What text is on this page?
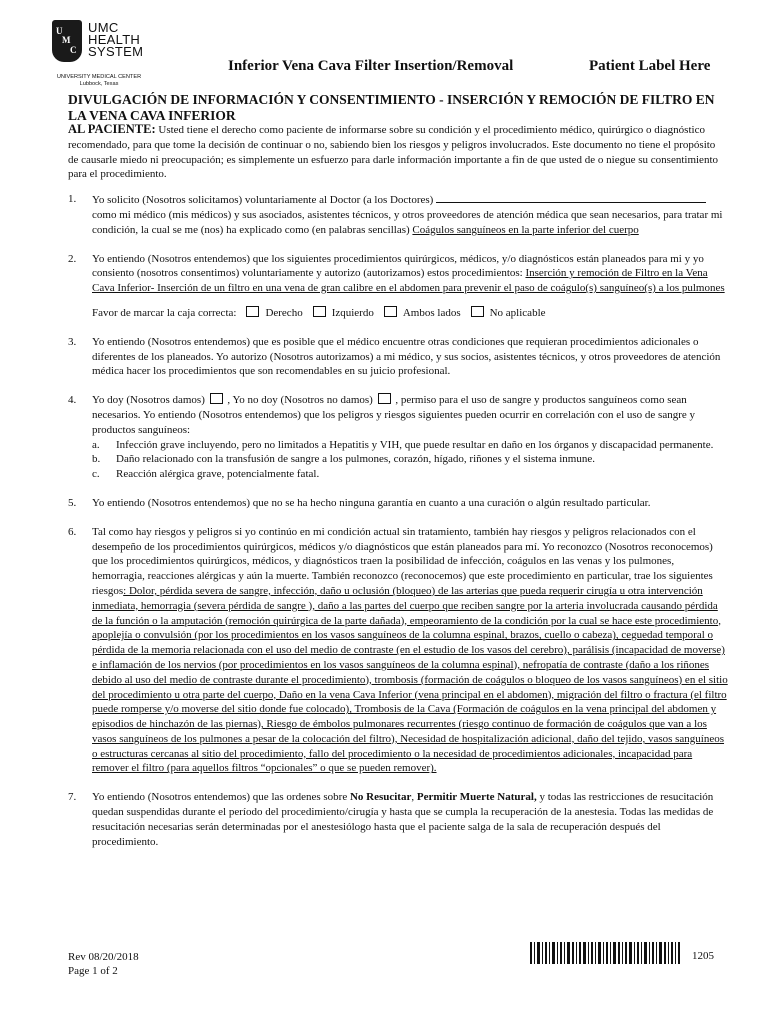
U
M
C
UMC
HEALTH
SYSTEM
UNIVERSITY MEDICAL CENTER
Lubbock, Texas
Inferior Vena Cava Filter Insertion/Removal	Patient Label Here
DIVULGACIÓN DE INFORMACIÓN Y CONSENTIMIENTO - INSERCIÓN Y REMOCIÓN DE FILTRO EN LA VENA CAVA INFERIOR

AL PACIENTE: Usted tiene el derecho como paciente de informarse sobre su condición y el procedimiento médico, quirúrgico o diagnóstico recomendado, para que tome la decisión de continuar o no, sabiendo bien los riesgos y peligros involucrados. Este documento no tiene el propósito de causarle miedo ni preocupación; es simplemente un esfuerzo para darle información importante a fin de que usted de o niegue su consentimiento para el procedimiento.

1. Yo solicito (Nosotros solicitamos) voluntariamente al Doctor (a los Doctores)  como mi médico (mis médicos) y sus asociados, asistentes técnicos, y otros proveedores de atención médica que sean necesarios, para tratar mi condición, la cual se me (nos) ha explicado como (en palabras sencillas) Coágulos sanguíneos en la parte inferior del cuerpo
2. Yo entiendo (Nosotros entendemos) que los siguientes procedimientos quirúrgicos, médicos, y/o diagnósticos están planeados para mi y yo consiento (nosotros consentimos) voluntariamente y autorizo (autorizamos) estos procedimientos: Inserción y remoción de Filtro en la Vena Cava Inferior- Inserción de un filtro en una vena de gran calibre en el abdomen para prevenir el paso de coágulo(s) sanguíneo(s) a los pulmones
Favor de marcar la caja correcta:	Derecho	Izquierdo	Ambos lados	No aplicable
3. Yo entiendo (Nosotros entendemos) que es posible que el médico encuentre otras condiciones que requieran procedimientos adicionales o diferentes de los planeados. Yo autorizo (Nosotros autorizamos) a mi médico, y sus socios, asistentes técnicos, y otros proveedores de atención médica hacer los procedimientos que son recomendables en su juicio profesional.
4. Yo doy (Nosotros damos)  , Yo no doy (Nosotros no damos)  , permiso para el uso de sangre y productos sanguíneos como sean necesarios. Yo entiendo (Nosotros entendemos) que los peligros y riesgos siguientes pueden ocurrir en correlación con el uso de sangre y productos sanguíneos:
a. Infección grave incluyendo, pero no limitados a Hepatitis y VIH, que puede resultar en daño en los órganos y discapacidad permanente.
b. Daño relacionado con la transfusión de sangre a los pulmones, corazón, hígado, riñones y el sistema inmune.
c. Reacción alérgica grave, potencialmente fatal.
5. Yo entiendo (Nosotros entendemos) que no se ha hecho ninguna garantía en cuanto a una curación o algún resultado particular.
6. Tal como hay riesgos y peligros si yo continúo en mi condición actual sin tratamiento, también hay riesgos y peligros relacionados con el desempeño de los procedimientos quirúrgicos, médicos y/o diagnósticos que están planeados para mí. Yo reconozco (Nosotros reconocemos) que los procedimientos quirúrgicos, médicos, y diagnósticos traen la posibilidad de infección, coágulos en las venas y los pulmones, hemorragia, reacciones alérgicas y aún la muerte. También reconozco (reconocemos) que este procedimiento en particular, trae los siguientes riesgos: Dolor, pérdida severa de sangre, infección, daño u oclusión (bloqueo) de las arterias que pueda requerir cirugía u otra intervención inmediata, hemorragia (severa pérdida de sangre ), daño a las partes del cuerpo que reciben sangre por la arteria involucrada causando pérdida de la función o la amputación (remoción quirúrgica de la parte dañada), empeoramiento de la condición por la cual se hace este procedimiento, apoplejía o convulsión (por los procedimientos en los vasos sanguíneos de la columna espinal, brazos, cuello o cabeza), ceguedad temporal o pérdida de la memoria relacionada con el uso del medio de contraste (en el estudio de los vasos del cerebro), parálisis (incapacidad de moverse) e inflamación de los nervios (por procedimientos en los vasos sanguíneos de la columna espinal), nefropatía de contraste (daño a los riñones debido al uso del medio de contraste durante el procedimiento), trombosis (formación de coágulos o bloqueo de los vasos sanguíneos) en el sitio del procedimiento u otra parte del cuerpo, Daño en la vena Cava Inferior (vena principal en el abdomen), migración del filtro o fractura (el filtro puede romperse y/o moverse del sitio donde fue colocado), Trombosis de la Cava (Formación de coágulos en la vena principal del abdomen y episodios de hinchazón de las piernas), Riesgo de émbolos pulmonares recurrentes (riesgo continuo de formación de coágulos que van a los vasos sanguíneos de los pulmones a pesar de la colocación del filtro), Necesidad de hospitalización adicional, daño del tejido, vasos sanguíneos o estructuras cercanas al sitio del procedimiento, fallo del procedimiento o la necesidad de procedimientos adicionales, incapacidad para remover el filtro (para aquellos filtros “opcionales” o que se pueden remover).
7. Yo entiendo (Nosotros entendemos) que las ordenes sobre No Resucitar, Permitir Muerte Natural, y todas las restricciones de resucitación quedan suspendidas durante el período del procedimiento/cirugía y hasta que se cumpla la recuperación de la anestesia. Todas las medidas de resucitación necesarias serán determinadas por el anestesiólogo hasta que el paciente salga de la sala de recuperación después del procedimiento.
Rev 08/20/2018
Page 1 of 2
1205
